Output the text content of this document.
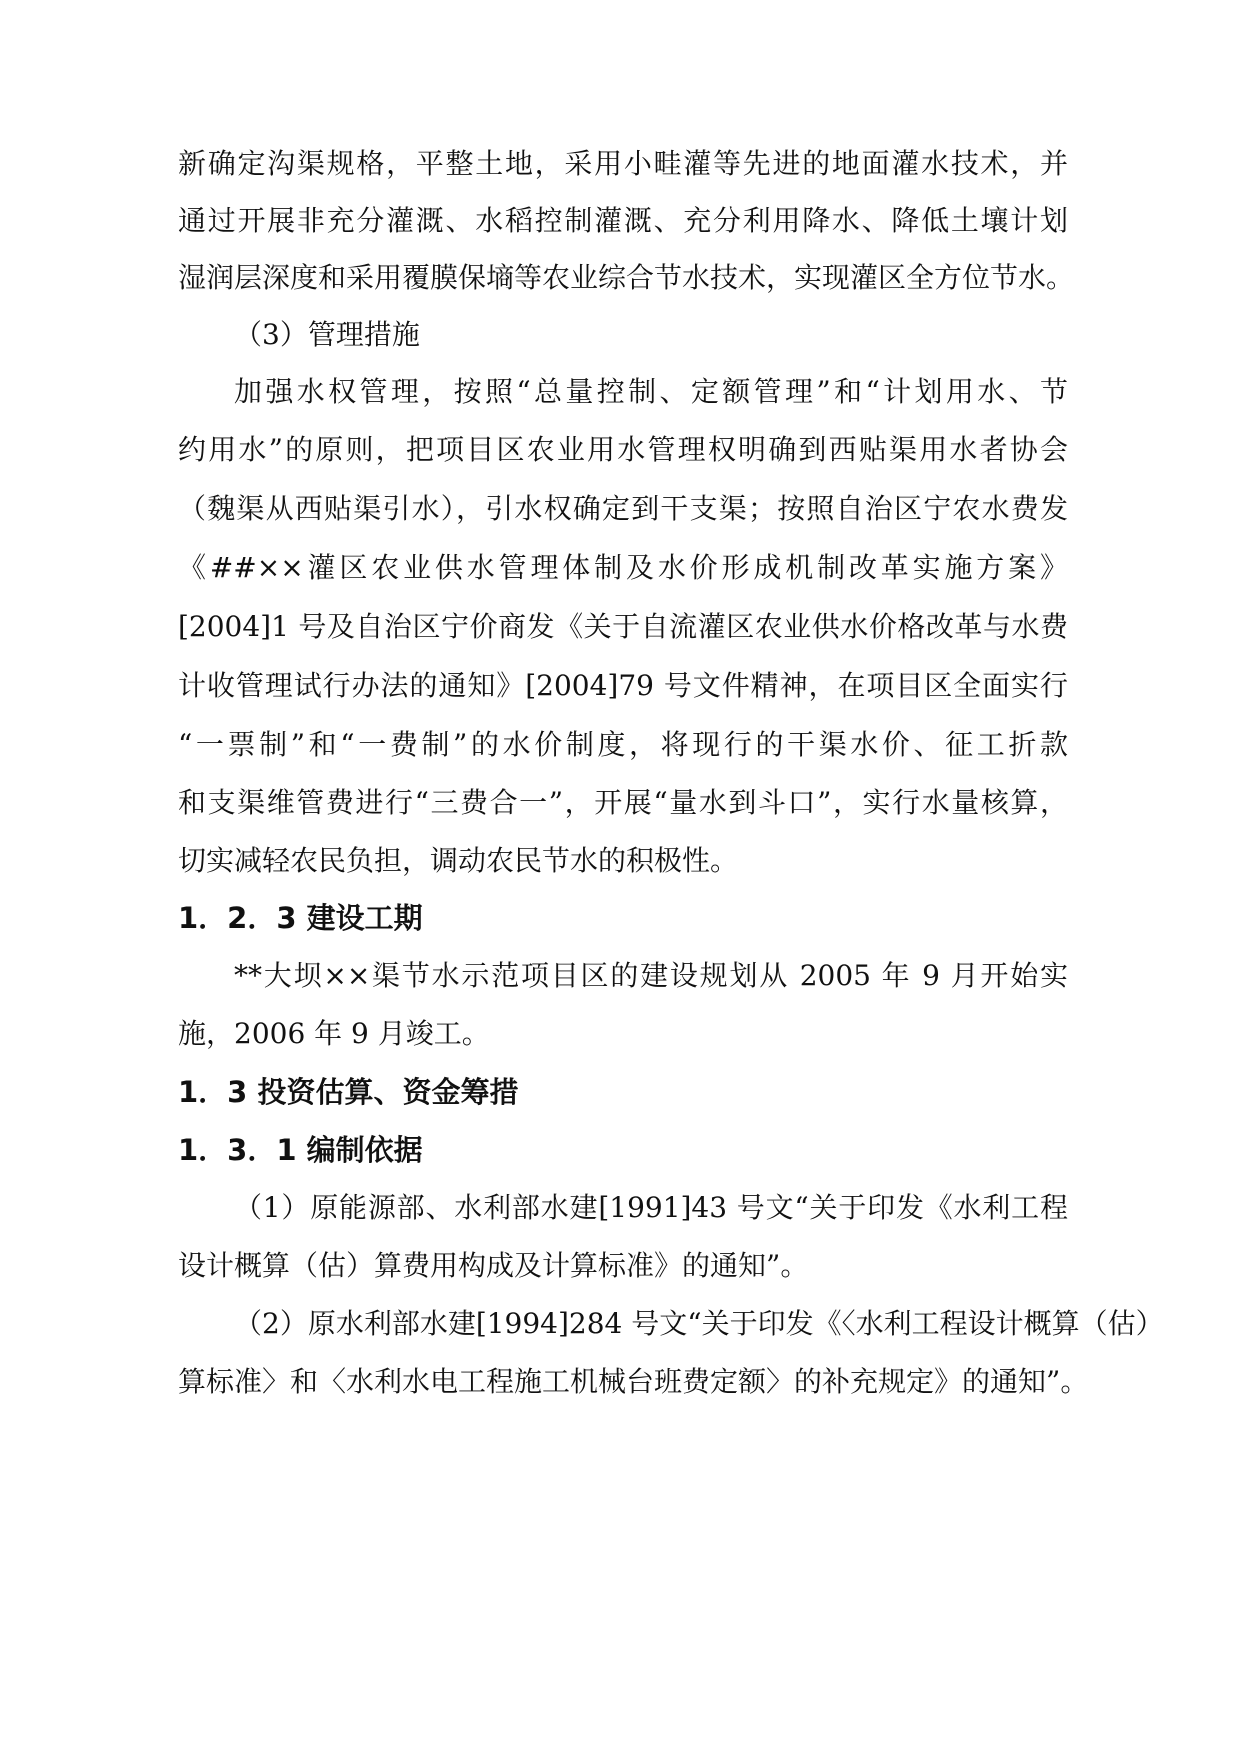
新确定沟渠规格，平整土地，采用小畦灌等先进的地面灌水技术，并
通过开展非充分灌溉、水稻控制灌溉、充分利用降水、降低土壤计划
湿润层深度和采用覆膜保墒等农业综合节水技术，实现灌区全方位节水。
（3）管理措施
加强水权管理，按照“总量控制、定额管理”和“计划用水、节
约用水”的原则，把项目区农业用水管理权明确到西贴渠用水者协会
（魏渠从西贴渠引水），引水权确定到干支渠；按照自治区宁农水费发
《##××灌区农业供水管理体制及水价形成机制改革实施方案》
[2004]1 号及自治区宁价商发《关于自流灌区农业供水价格改革与水费
计收管理试行办法的通知》[2004]79 号文件精神，在项目区全面实行
“一票制”和“一费制”的水价制度，将现行的干渠水价、征工折款
和支渠维管费进行“三费合一”，开展“量水到斗口”，实行水量核算，
切实减轻农民负担，调动农民节水的积极性。
1．2．3 建设工期
**大坝××渠节水示范项目区的建设规划从 2005 年 9 月开始实
施，2006 年 9 月竣工。
1．3 投资估算、资金筹措
1．3．1 编制依据
（1）原能源部、水利部水建[1991]43 号文“关于印发《水利工程
设计概算（估）算费用构成及计算标准》的通知”。
（2）原水利部水建[1994]284 号文“关于印发《〈水利工程设计概算（估）
算标准〉和〈水利水电工程施工机械台班费定额〉的补充规定》的通知”。
